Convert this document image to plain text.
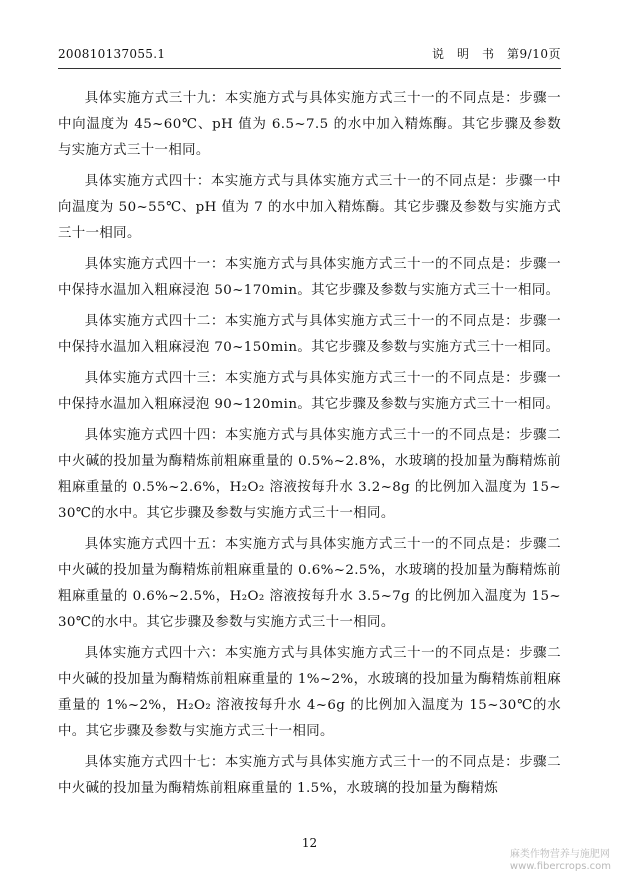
200810137055.1	说　明　书　第9/10页

具体实施方式三十九：本实施方式与具体实施方式三十一的不同点是：步骤一中向温度为 45~60℃、pH 值为 6.5~7.5 的水中加入精炼酶。其它步骤及参数与实施方式三十一相同。

具体实施方式四十：本实施方式与具体实施方式三十一的不同点是：步骤一中向温度为 50~55℃、pH 值为 7 的水中加入精炼酶。其它步骤及参数与实施方式三十一相同。

具体实施方式四十一：本实施方式与具体实施方式三十一的不同点是：步骤一中保持水温加入粗麻浸泡 50~170min。其它步骤及参数与实施方式三十一相同。

具体实施方式四十二：本实施方式与具体实施方式三十一的不同点是：步骤一中保持水温加入粗麻浸泡 70~150min。其它步骤及参数与实施方式三十一相同。

具体实施方式四十三：本实施方式与具体实施方式三十一的不同点是：步骤一中保持水温加入粗麻浸泡 90~120min。其它步骤及参数与实施方式三十一相同。

具体实施方式四十四：本实施方式与具体实施方式三十一的不同点是：步骤二中火碱的投加量为酶精炼前粗麻重量的 0.5%~2.8%，水玻璃的投加量为酶精炼前粗麻重量的 0.5%~2.6%，H₂O₂ 溶液按每升水 3.2~8g 的比例加入温度为 15~30℃的水中。其它步骤及参数与实施方式三十一相同。

具体实施方式四十五：本实施方式与具体实施方式三十一的不同点是：步骤二中火碱的投加量为酶精炼前粗麻重量的 0.6%~2.5%，水玻璃的投加量为酶精炼前粗麻重量的 0.6%~2.5%，H₂O₂ 溶液按每升水 3.5~7g 的比例加入温度为 15~30℃的水中。其它步骤及参数与实施方式三十一相同。

具体实施方式四十六：本实施方式与具体实施方式三十一的不同点是：步骤二中火碱的投加量为酶精炼前粗麻重量的 1%~2%，水玻璃的投加量为酶精炼前粗麻重量的 1%~2%，H₂O₂ 溶液按每升水 4~6g 的比例加入温度为 15~30℃的水中。其它步骤及参数与实施方式三十一相同。

具体实施方式四十七：本实施方式与具体实施方式三十一的不同点是：步骤二中火碱的投加量为酶精炼前粗麻重量的 1.5%，水玻璃的投加量为酶精炼

12
麻类作物营养与施肥网
www.fibercrops.com
